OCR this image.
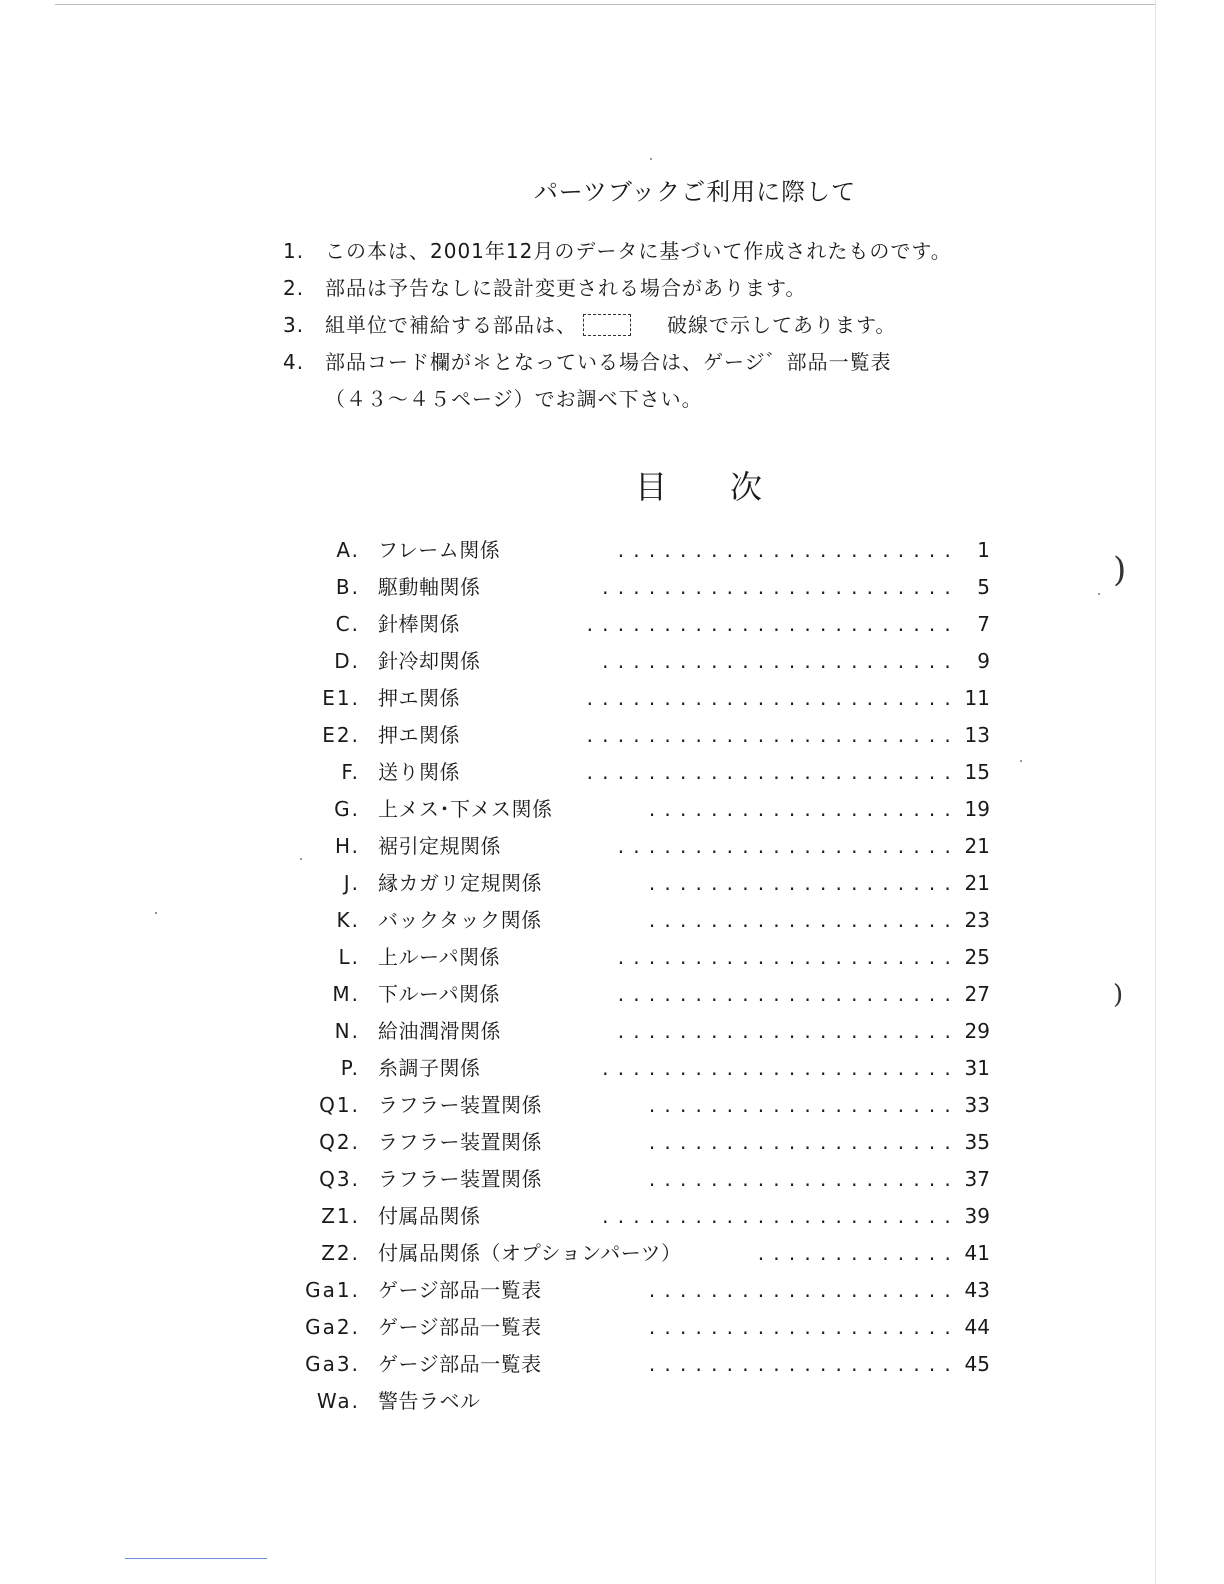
)
)
パーツブックご利用に際して
1. この本は、2001年12月のデータに基づいて作成されたものです。
2. 部品は予告なしに設計変更される場合があります。
3. 組単位で補給する部品は、	破線で示してあります。
4. 部品コード欄が＊となっている場合は、ゲージ゛部品一覧表
（４３～４５ページ）でお調べ下さい。
目 次
A. フレーム関係	...................... 1
B. 駆動軸関係	....................... 5
C. 針棒関係	........................ 7
D. 針冷却関係	....................... 9
E1. 押エ関係	........................ 11
E2. 押エ関係	........................ 13
F. 送り関係	........................ 15
G. 上メス･下メス関係	.................... 19
H. 裾引定規関係	...................... 21
J. 縁カガリ定規関係	.................... 21
K. バックタック関係	.................... 23
L. 上ルーパ関係	...................... 25
M. 下ルーパ関係	...................... 27
N. 給油潤滑関係	...................... 29
P. 糸調子関係	....................... 31
Q1. ラフラー装置関係	.................... 33
Q2. ラフラー装置関係	.................... 35
Q3. ラフラー装置関係	.................... 37
Z1. 付属品関係	....................... 39
Z2. 付属品関係（オプションパーツ）	............. 41
Ga1. ゲージ部品一覧表	.................... 43
Ga2. ゲージ部品一覧表	.................... 44
Ga3. ゲージ部品一覧表	.................... 45
Wa. 警告ラベル
